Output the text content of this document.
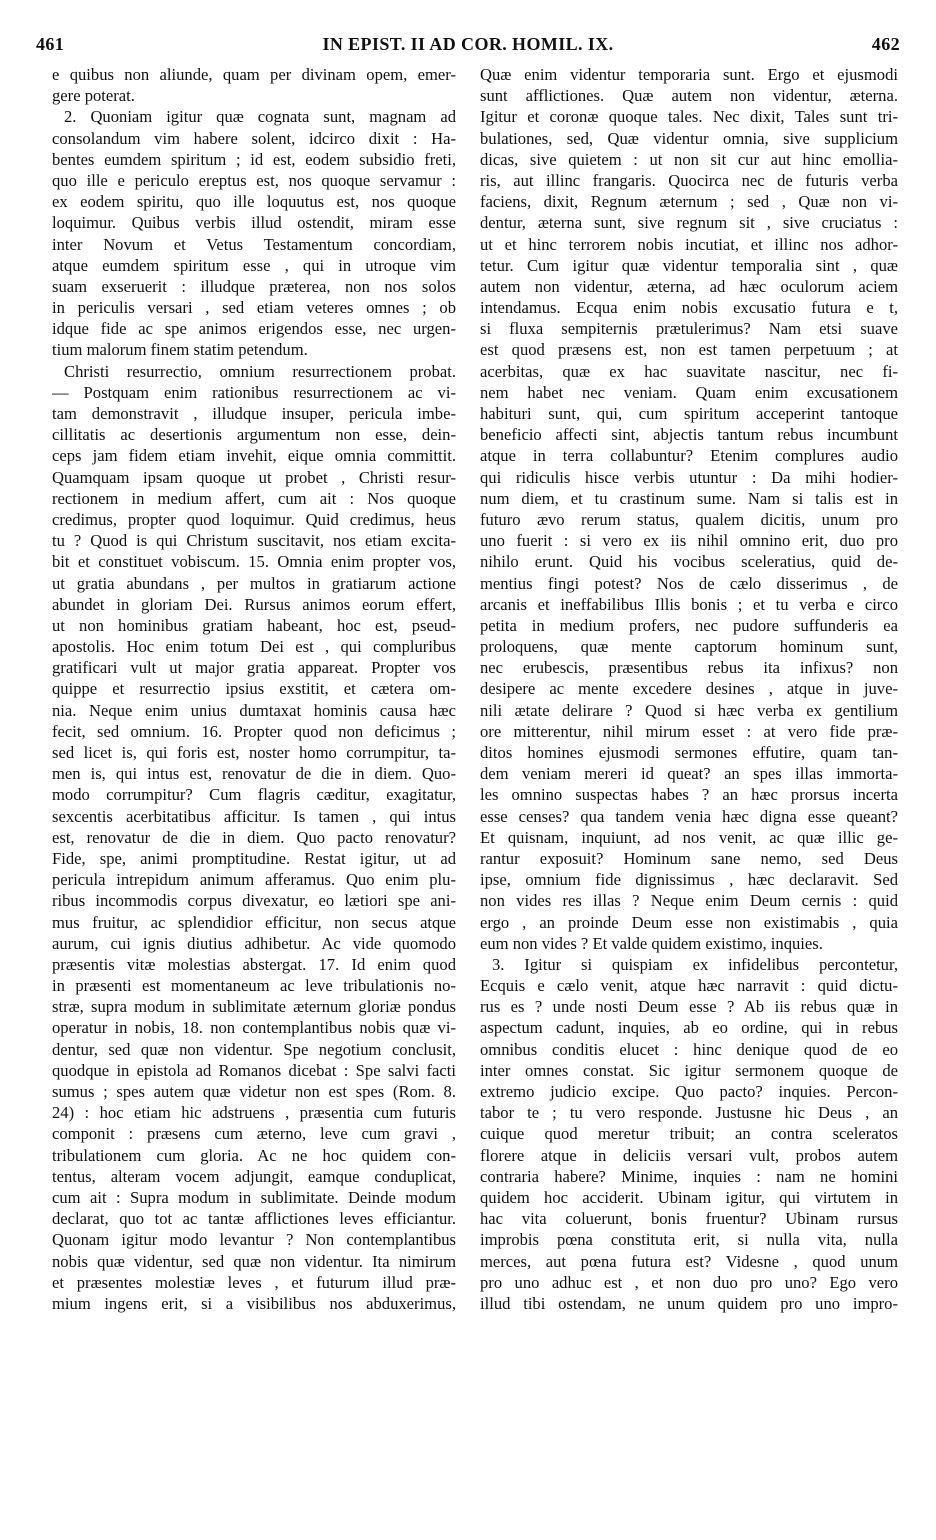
461	IN EPIST. II AD COR. HOMIL. IX.	462
e quibus non aliunde, quam per divinam opem, emer-
gere poterat.
2. Quoniam igitur quæ cognata sunt, magnam ad
consolandum vim habere solent, idcirco dixit : Ha-
bentes eumdem spiritum ; id est, eodem subsidio freti,
quo ille e periculo ereptus est, nos quoque servamur :
ex eodem spiritu, quo ille loquutus est, nos quoque
loquimur. Quibus verbis illud ostendit, miram esse
inter Novum et Vetus Testamentum concordiam,
atque eumdem spiritum esse , qui in utroque vim
suam exseruerit : illudque præterea, non nos solos
in periculis versari , sed etiam veteres omnes ; ob
idque fide ac spe animos erigendos esse, nec urgen-
tium malorum finem statim petendum.
Christi resurrectio, omnium resurrectionem probat.
— Postquam enim rationibus resurrectionem ac vi-
tam demonstravit , illudque insuper, pericula imbe-
cillitatis ac desertionis argumentum non esse, dein-
ceps jam fidem etiam invehit, eique omnia committit.
Quamquam ipsam quoque ut probet , Christi resur-
rectionem in medium affert, cum ait : Nos quoque
credimus, propter quod loquimur. Quid credimus, heus
tu ? Quod is qui Christum suscitavit, nos etiam excita-
bit et constituet vobiscum. 15. Omnia enim propter vos,
ut gratia abundans , per multos in gratiarum actione
abundet in gloriam Dei. Rursus animos eorum effert,
ut non hominibus gratiam habeant, hoc est, pseud-
apostolis. Hoc enim totum Dei est , qui compluribus
gratificari vult ut major gratia appareat. Propter vos
quippe et resurrectio ipsius exstitit, et cætera om-
nia. Neque enim unius dumtaxat hominis causa hæc
fecit, sed omnium. 16. Propter quod non deficimus ;
sed licet is, qui foris est, noster homo corrumpitur, ta-
men is, qui intus est, renovatur de die in diem. Quo-
modo corrumpitur? Cum flagris cæditur, exagitatur,
sexcentis acerbitatibus afficitur. Is tamen , qui intus
est, renovatur de die in diem. Quo pacto renovatur?
Fide, spe, animi promptitudine. Restat igitur, ut ad
pericula intrepidum animum afferamus. Quo enim plu-
ribus incommodis corpus divexatur, eo lætiori spe ani-
mus fruitur, ac splendidior efficitur, non secus atque
aurum, cui ignis diutius adhibetur. Ac vide quomodo
præsentis vitæ molestias abstergat. 17. Id enim quod
in præsenti est momentaneum ac leve tribulationis no-
stræ, supra modum in sublimitate æternum gloriæ pondus
operatur in nobis, 18. non contemplantibus nobis quæ vi-
dentur, sed quæ non videntur. Spe negotium conclusit,
quodque in epistola ad Romanos dicebat : Spe salvi facti
sumus ; spes autem quæ videtur non est spes (Rom. 8.
24) : hoc etiam hic adstruens , præsentia cum futuris
componit : præsens cum æterno, leve cum gravi ,
tribulationem cum gloria. Ac ne hoc quidem con-
tentus, alteram vocem adjungit, eamque conduplicat,
cum ait : Supra modum in sublimitate. Deinde modum
declarat, quo tot ac tantæ afflictiones leves efficiantur.
Quonam igitur modo levantur ? Non contemplantibus
nobis quæ videntur, sed quæ non videntur. Ita nimirum
et præsentes molestiæ leves , et futurum illud præ-
mium ingens erit, si a visibilibus nos abduxerimus,
Quæ enim videntur temporaria sunt. Ergo et ejusmodi
sunt afflictiones. Quæ autem non videntur, æterna.
Igitur et coronæ quoque tales. Nec dixit, Tales sunt tri-
bulationes, sed, Quæ videntur omnia, sive supplicium
dicas, sive quietem : ut non sit cur aut hinc emollia-
ris, aut illinc frangaris. Quocirca nec de futuris verba
faciens, dixit, Regnum æternum ; sed , Quæ non vi-
dentur, æterna sunt, sive regnum sit , sive cruciatus :
ut et hinc terrorem nobis incutiat, et illinc nos adhor-
tetur. Cum igitur quæ videntur temporalia sint , quæ
autem non videntur, æterna, ad hæc oculorum aciem
intendamus. Ecqua enim nobis excusatio futura e t,
si fluxa sempiternis prætulerimus? Nam etsi suave
est quod præsens est, non est tamen perpetuum ; at
acerbitas, quæ ex hac suavitate nascitur, nec fi-
nem habet nec veniam. Quam enim excusationem
habituri sunt, qui, cum spiritum acceperint tantoque
beneficio affecti sint, abjectis tantum rebus incumbunt
atque in terra collabuntur? Etenim complures audio
qui ridiculis hisce verbis utuntur : Da mihi hodier-
num diem, et tu crastinum sume. Nam si talis est in
futuro ævo rerum status, qualem dicitis, unum pro
uno fuerit : si vero ex iis nihil omnino erit, duo pro
nihilo erunt. Quid his vocibus sceleratius, quid de-
mentius fingi potest? Nos de cælo disserimus , de
arcanis et ineffabilibus Illis bonis ; et tu verba e circo
petita in medium profers, nec pudore suffunderis ea
proloquens, quæ mente captorum hominum sunt,
nec erubescis, præsentibus rebus ita infixus? non
desipere ac mente excedere desines , atque in juve-
nili ætate delirare ? Quod si hæc verba ex gentilium
ore mitterentur, nihil mirum esset : at vero fide præ-
ditos homines ejusmodi sermones effutire, quam tan-
dem veniam mereri id queat? an spes illas immorta-
les omnino suspectas habes ? an hæc prorsus incerta
esse censes? qua tandem venia hæc digna esse queant?
Et quisnam, inquiunt, ad nos venit, ac quæ illic ge-
rantur exposuit? Hominum sane nemo, sed Deus
ipse, omnium fide dignissimus , hæc declaravit. Sed
non vides res illas ? Neque enim Deum cernis : quid
ergo , an proinde Deum esse non existimabis , quia
eum non vides ? Et valde quidem existimo, inquies.
3. Igitur si quispiam ex infidelibus percontetur,
Ecquis e cælo venit, atque hæc narravit : quid dictu-
rus es ? unde nosti Deum esse ? Ab iis rebus quæ in
aspectum cadunt, inquies, ab eo ordine, qui in rebus
omnibus conditis elucet : hinc denique quod de eo
inter omnes constat. Sic igitur sermonem quoque de
extremo judicio excipe. Quo pacto? inquies. Percon-
tabor te ; tu vero responde. Justusne hic Deus , an
cuique quod meretur tribuit; an contra sceleratos
florere atque in deliciis versari vult, probos autem
contraria habere? Minime, inquies : nam ne homini
quidem hoc acciderit. Ubinam igitur, qui virtutem in
hac vita coluerunt, bonis fruentur? Ubinam rursus
improbis pœna constituta erit, si nulla vita, nulla
merces, aut pœna futura est? Videsne , quod unum
pro uno adhuc est , et non duo pro uno? Ego vero
illud tibi ostendam, ne unum quidem pro uno impro-
